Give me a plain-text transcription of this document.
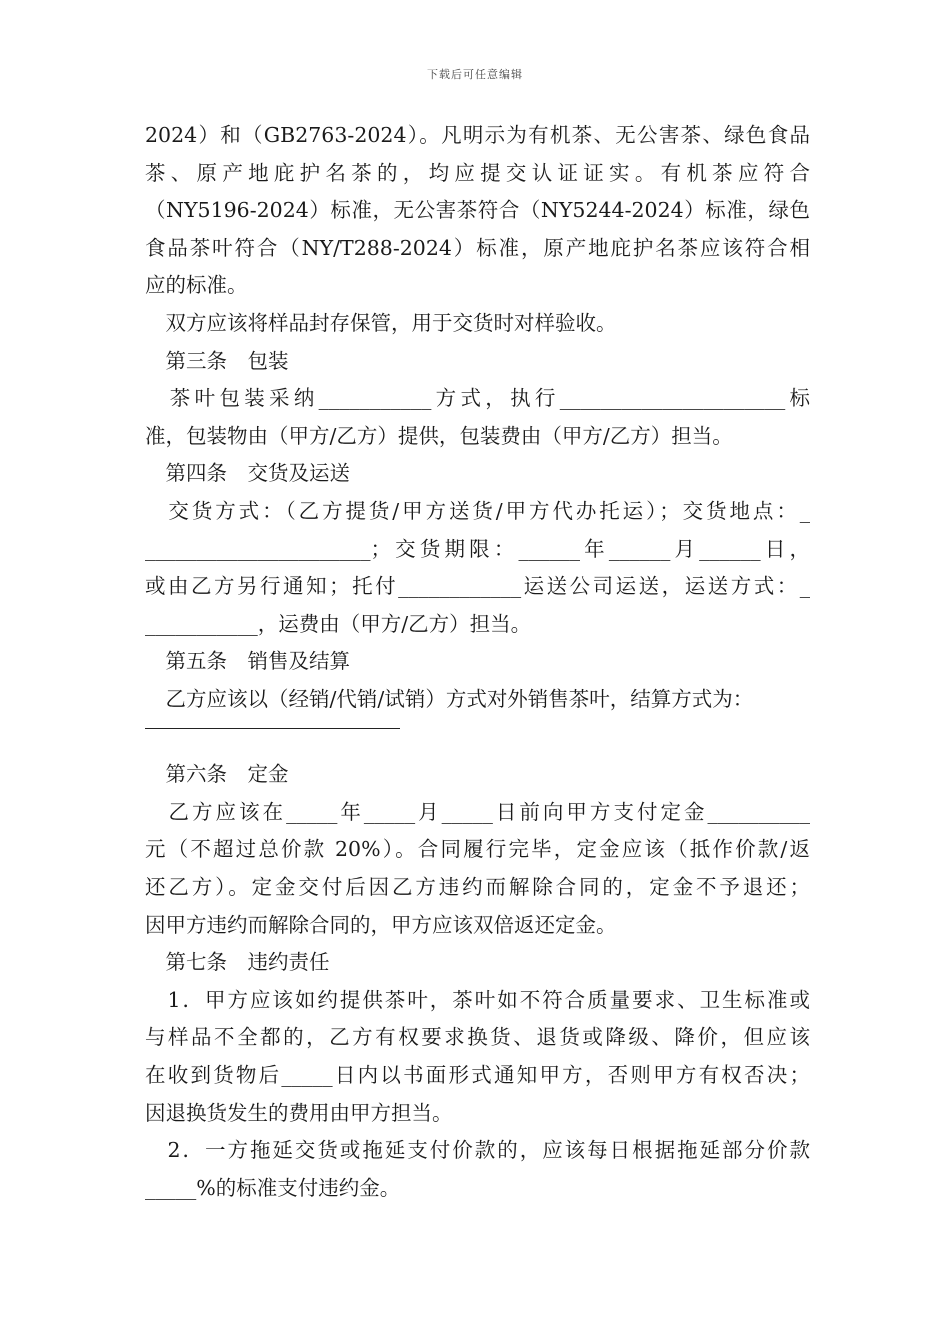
下载后可任意编辑
2024）和（GB2763-2024）。凡明示为有机茶、无公害茶、绿色食品
茶、原产地庇护名茶的，均应提交认证证实。有机茶应符合
（NY5196-2024）标准，无公害茶符合（NY5244-2024）标准，绿色
食品茶叶符合（NY/T288-2024）标准，原产地庇护名茶应该符合相
应的标准。
　双方应该将样品封存保管，用于交货时对样验收。
　第三条　包装
　茶叶包装采纳___________方式，执行______________________标
准，包装物由（甲方/乙方）提供，包装费由（甲方/乙方）担当。
　第四条　交货及运送
　交货方式：（乙方提货/甲方送货/甲方代办托运）；交货地点：_
______________________；交货期限：______年______月______日，
或由乙方另行通知；托付____________运送公司运送，运送方式：_
___________，运费由（甲方/乙方）担当。
　第五条　销售及结算
　乙方应该以（经销/代销/试销）方式对外销售茶叶，结算方式为：
　第六条　定金
　乙方应该在_____年_____月_____日前向甲方支付定金__________
元（不超过总价款 20%）。合同履行完毕，定金应该（抵作价款/返
还乙方）。定金交付后因乙方违约而解除合同的，定金不予退还；
因甲方违约而解除合同的，甲方应该双倍返还定金。
　第七条　违约责任
　1．甲方应该如约提供茶叶，茶叶如不符合质量要求、卫生标准或
与样品不全都的，乙方有权要求换货、退货或降级、降价，但应该
在收到货物后_____日内以书面形式通知甲方，否则甲方有权否决；
因退换货发生的费用由甲方担当。
　2．一方拖延交货或拖延支付价款的，应该每日根据拖延部分价款
_____%的标准支付违约金。
